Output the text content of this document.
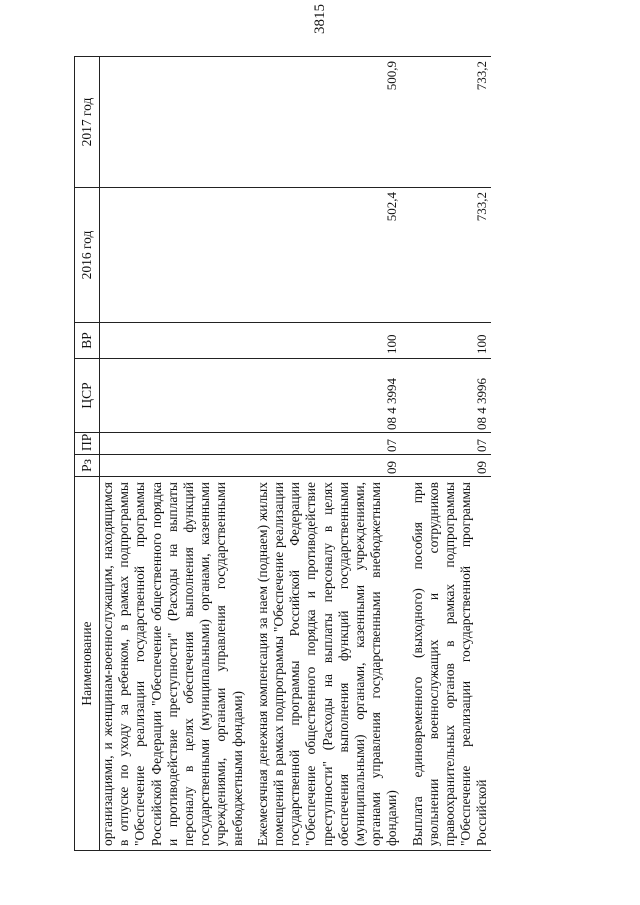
3815
Наименование	Рз	ПР	ЦСР	ВР	2016 год	2017 год
организациями, и женщинам-военнослужащим, находящимся в отпуске по уходу за ребенком, в рамках подпрограммы "Обеспечение реализации государственной программы Российской Федерации "Обеспечение общественного порядка и противодействие преступности" (Расходы на выплаты персоналу в целях обеспечения выполнения функций государственными (муниципальными) органами, казенными учреждениями, органами управления государственными внебюджетными фондами)						

Ежемесячная денежная компенсация за наем (поднаем) жилых помещений в рамках подпрограммы "Обеспечение реализации государственной программы Российской Федерации "Обеспечение общественного порядка и противодействие преступности" (Расходы на выплаты персоналу в целях обеспечения выполнения функций государственными (муниципальными) органами, казенными учреждениями, органами управления государственными внебюджетными фондами)	09	07	08 4 3994	100	502,4	500,9

Выплата единовременного (выходного) пособия при увольнении военнослужащих и сотрудников правоохранительных органов в рамках подпрограммы "Обеспечение реализации государственной программы Российской	09	07	08 4 3996	100	733,2	733,2
